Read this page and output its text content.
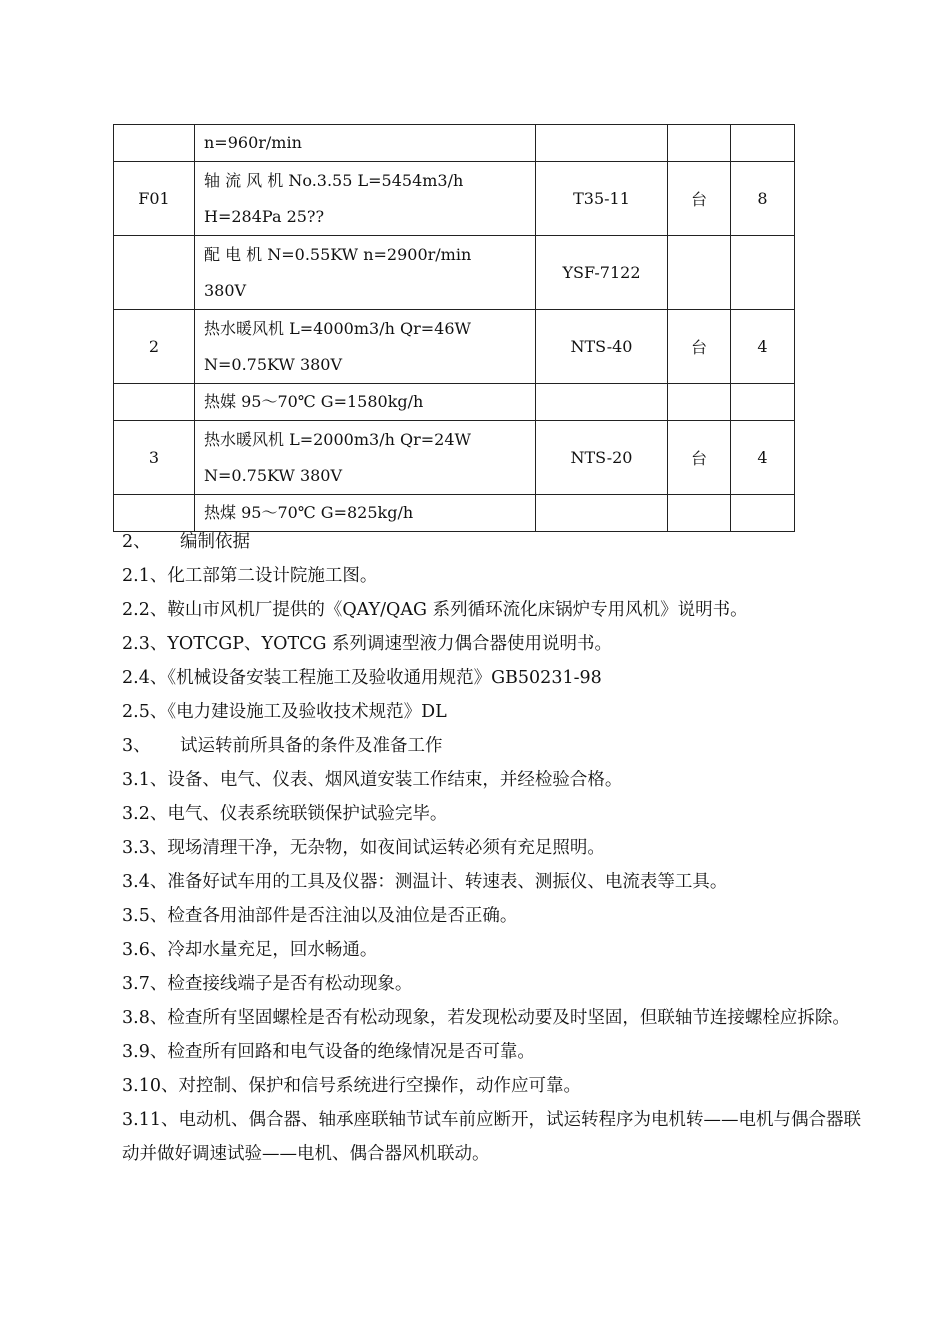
	n=960r/min			

F01	轴 流 风 机 No.3.55 L=5454m3/h
H=284Pa 25??	T35-11	台	8

	配 电 机 N=0.55KW n=2900r/min
380V	YSF-7122		
2	热水暖风机 L=4000m3/h Qr=46W
N=0.75KW 380V	NTS-40	台	4

	热媒 95～70℃ G=1580kg/h			

3	热水暖风机 L=2000m3/h Qr=24W
N=0.75KW 380V	NTS-20	台	4

	热煤 95～70℃ G=825kg/h			

2、 编制依据
2.1、化工部第二设计院施工图。
2.2、鞍山市风机厂提供的《QAY/QAG 系列循环流化床锅炉专用风机》说明书。
2.3、YOTCGP、YOTCG 系列调速型液力偶合器使用说明书。
2.4、《机械设备安装工程施工及验收通用规范》GB50231-98
2.5、《电力建设施工及验收技术规范》DL
3、 试运转前所具备的条件及准备工作
3.1、设备、电气、仪表、烟风道安装工作结束，并经检验合格。
3.2、电气、仪表系统联锁保护试验完毕。
3.3、现场清理干净，无杂物，如夜间试运转必须有充足照明。
3.4、准备好试车用的工具及仪器：测温计、转速表、测振仪、电流表等工具。
3.5、检查各用油部件是否注油以及油位是否正确。
3.6、冷却水量充足，回水畅通。
3.7、检查接线端子是否有松动现象。
3.8、检查所有坚固螺栓是否有松动现象，若发现松动要及时坚固，但联轴节连接螺栓应拆除。
3.9、检查所有回路和电气设备的绝缘情况是否可靠。
3.10、对控制、保护和信号系统进行空操作，动作应可靠。
3.11、电动机、偶合器、轴承座联轴节试车前应断开，试运转程序为电机转——电机与偶合器联动并做好调速试验——电机、偶合器风机联动。
